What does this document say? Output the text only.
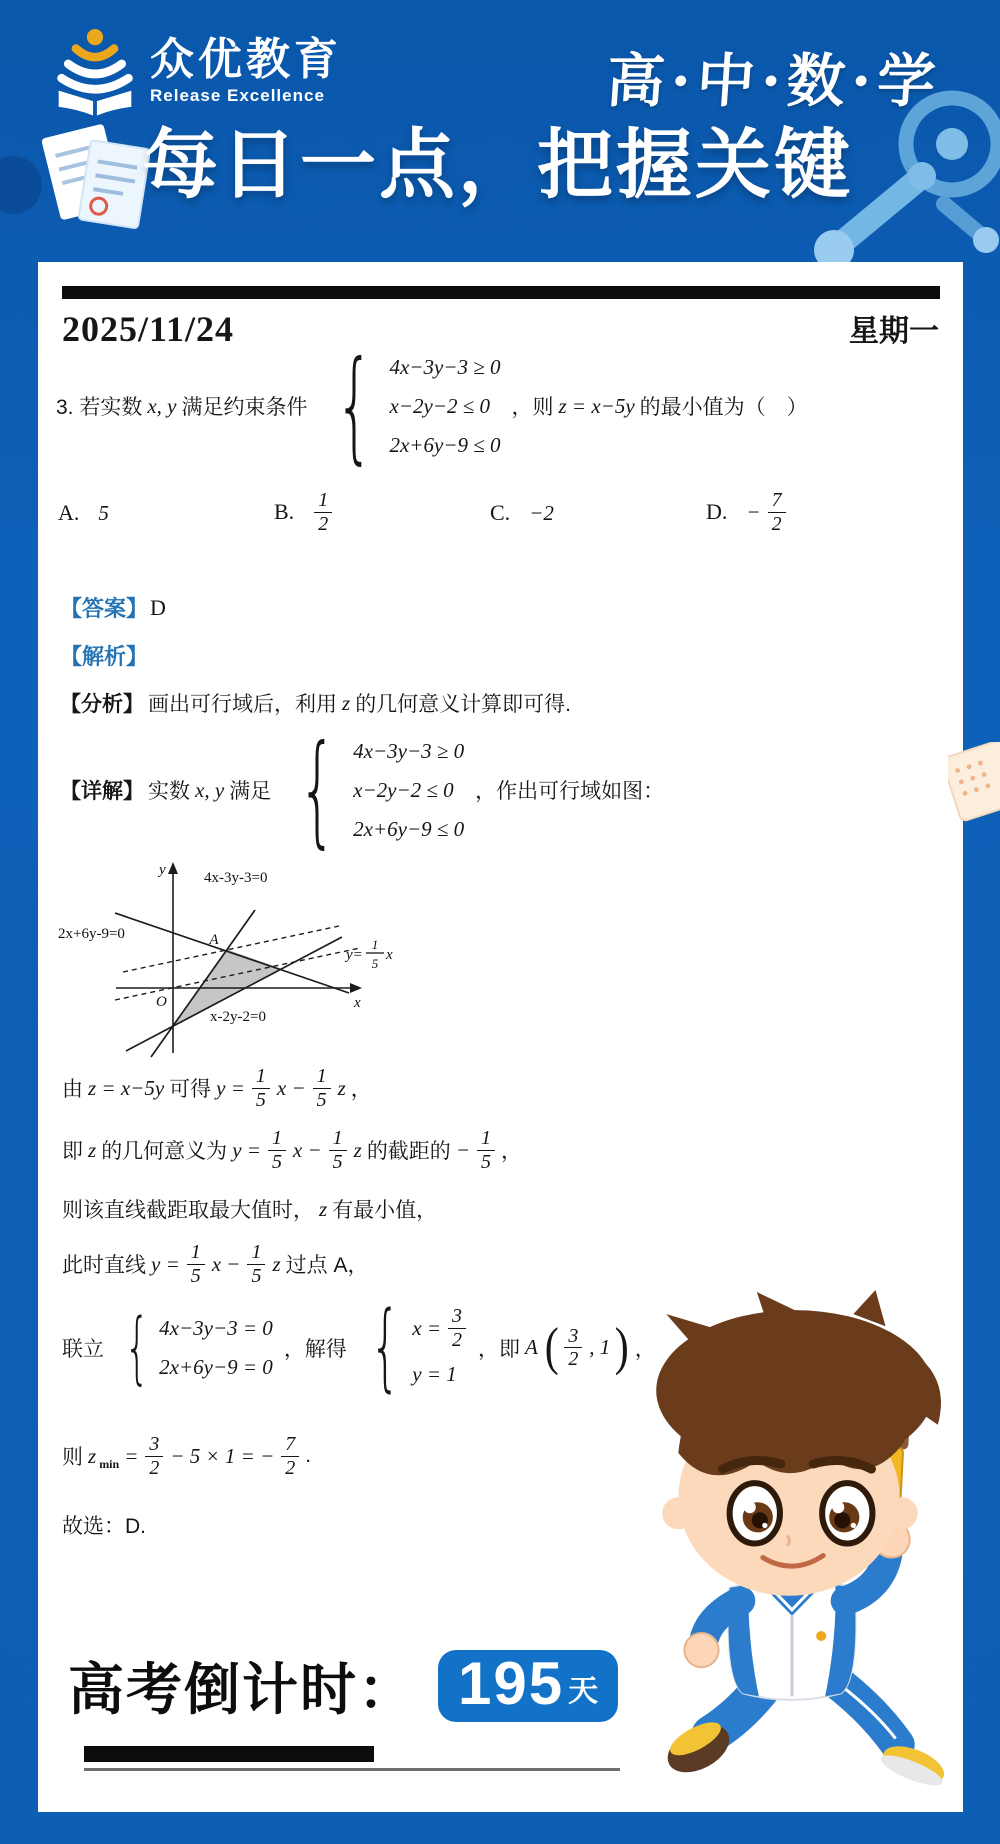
众优教育
Release Excellence	高·中·数·学
每日一点，把握关键
2025/11/24	星期一
3. 若实数 x, y 满足约束条件 { 4x−3y−3 ≥ 0
x−2y−2 ≤ 0
2x+6y−9 ≤ 0
，则 z = x−5y 的最小值为（　）
A. 5	B. $\frac{1}{2}$	C. −2	D. − $\frac{7}{2}$
【答案】 D
【解析】
【分析】 画出可行域后，利用 z 的几何意义计算即可得.
【详解】 实数 x, y 满足 { 4x−3y−3 ≥ 0
x−2y−2 ≤ 0
2x+6y−9 ≤ 0
，作出可行域如图：
y
x
O
A
4x-3y-3=0
2x+6y-9=0
x-2y-2=0
y=
1
5
x
由 z = x−5y 可得 $y = \frac{1}{5}$ $x - \frac{1}{5}$ z ，
即 z 的几何意义为 $y = \frac{1}{5}$ $x - \frac{1}{5}$ z 的截距的 − $\frac{1}{5}$ ，
则该直线截距取最大值时， z 有最小值，
此时直线 $y = \frac{1}{5}$ $x - \frac{1}{5}$ z 过点 A，
联立 { 4x−3y−3 = 0
2x+6y−9 = 0
，解得 { $x = \frac{3}{2}$
y = 1
，即 A ( $\frac{3}{2}$ , 1 ) ，
则 z $\min = \frac{3}{2} - 5 \times 1$ = − $\frac{7}{2}$ .
故选：D.
高考倒计时： 195 天
